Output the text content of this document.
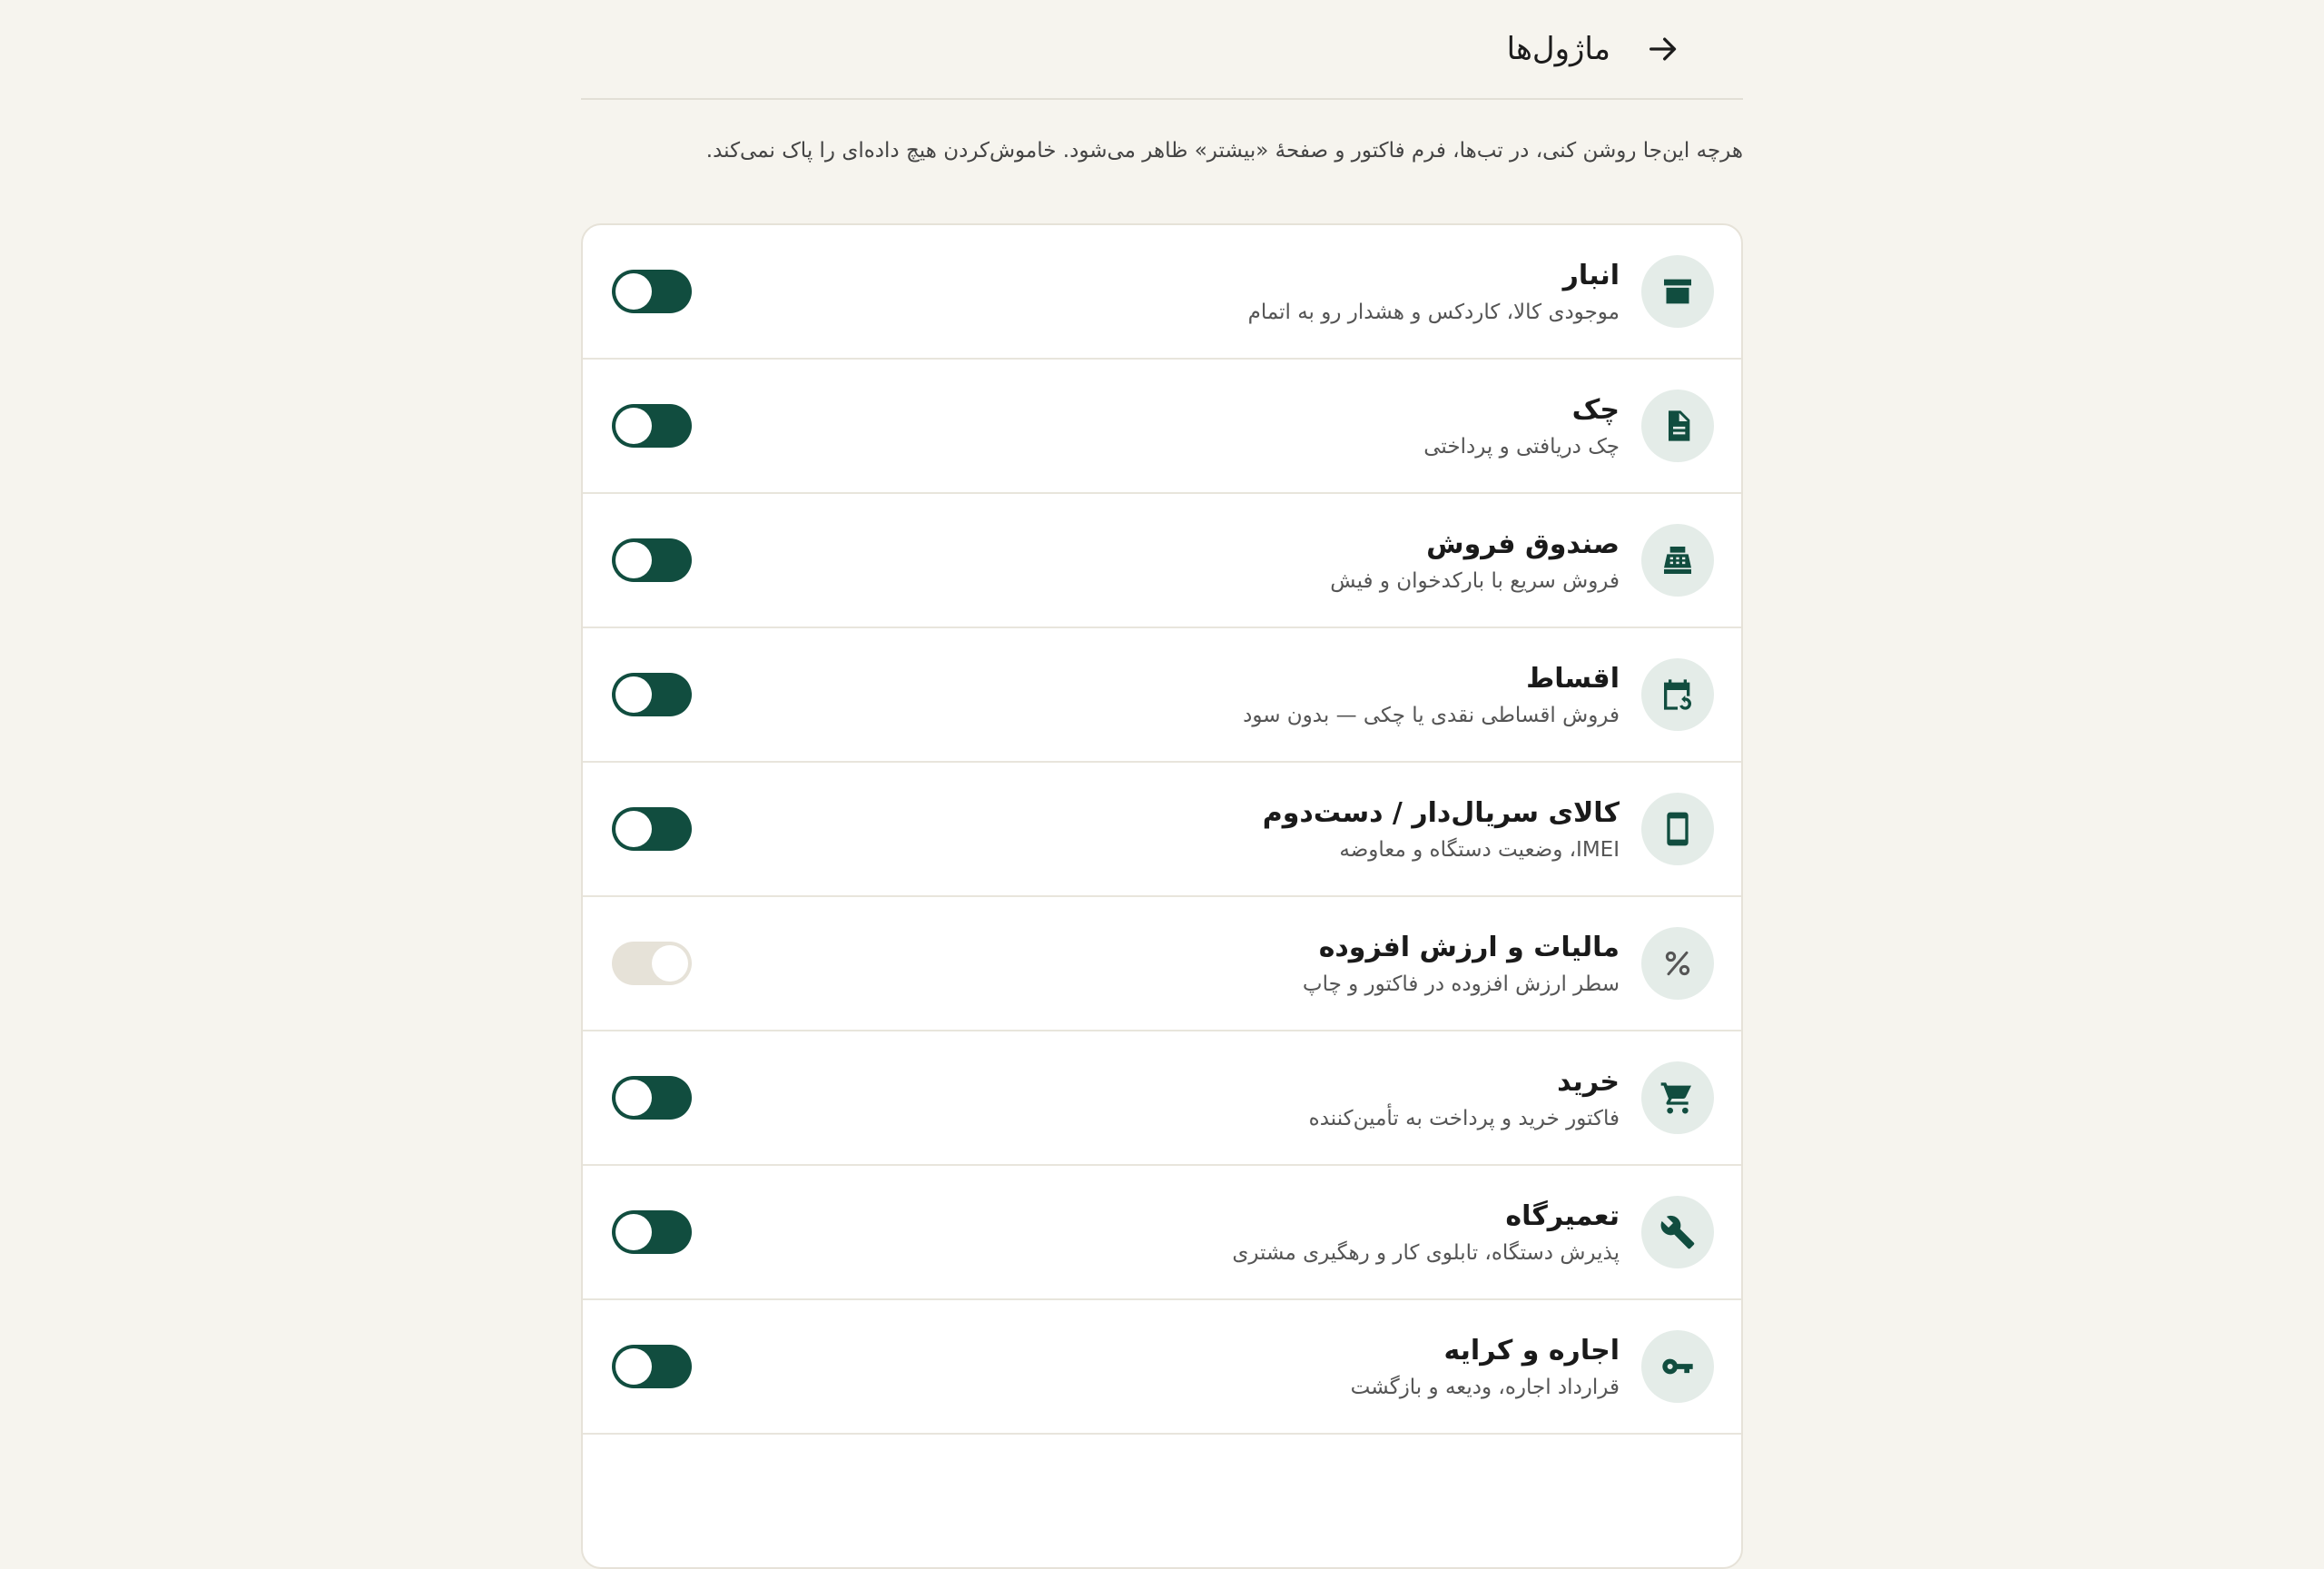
ماژول‌ها
هرچه این‌جا روشن کنی، در تب‌ها، فرم فاکتور و صفحهٔ «بیشتر» ظاهر می‌شود. خاموش‌کردن هیچ داده‌ای را پاک نمی‌کند.
انبار
موجودی کالا، کاردکس و هشدار رو به اتمام
چک
چک دریافتی و پرداختی
صندوق فروش
فروش سریع با بارکدخوان و فیش
اقساط
فروش اقساطی نقدی یا چکی — بدون سود
کالای سریال‌دار / دست‌دوم
IMEI، وضعیت دستگاه و معاوضه
مالیات و ارزش افزوده
سطر ارزش افزوده در فاکتور و چاپ
خرید
فاکتور خرید و پرداخت به تأمین‌کننده
تعمیرگاه
پذیرش دستگاه، تابلوی کار و رهگیری مشتری
اجاره و کرایه
قرارداد اجاره، ودیعه و بازگشت
